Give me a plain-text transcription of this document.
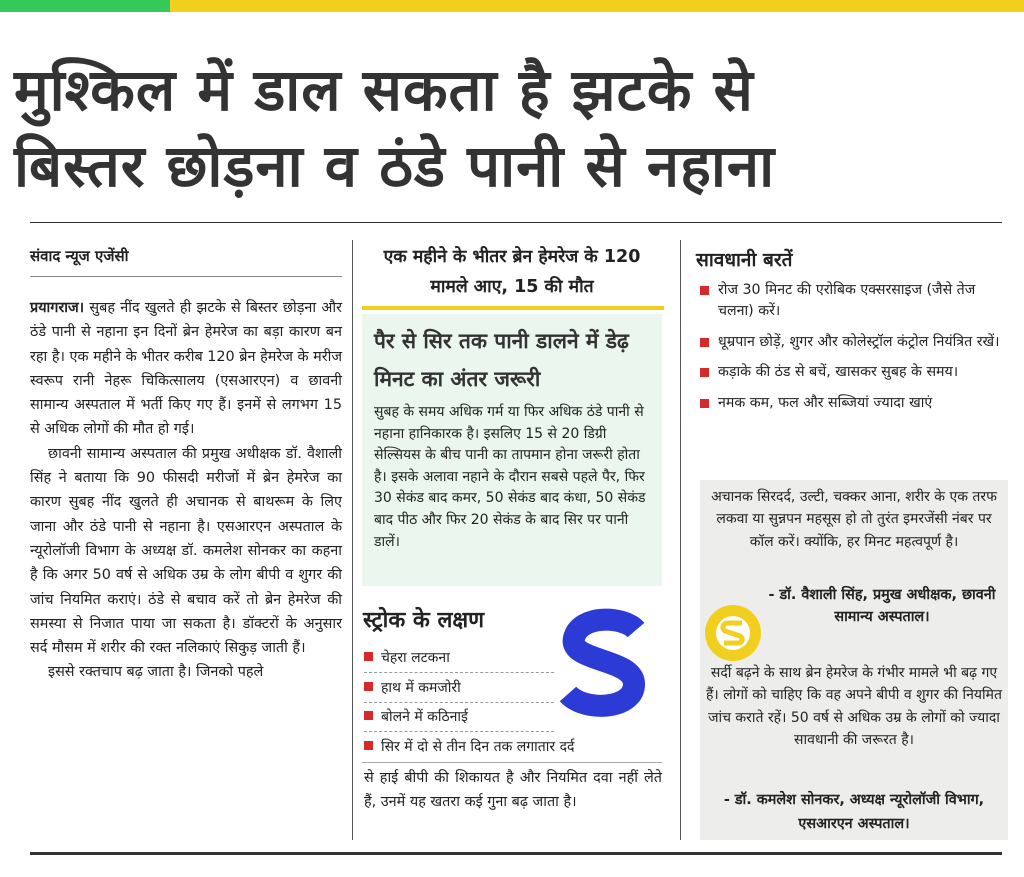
मुश्किल में डाल सकता है झटके से
बिस्तर छोड़ना व ठंडे पानी से नहाना
संवाद न्यूज एजेंसी

प्रयागराज। सुबह नींद खुलते ही झटके से बिस्तर छोड़ना और ठंडे पानी से नहाना इन दिनों ब्रेन हेमरेज का बड़ा कारण बन रहा है। एक महीने के भीतर करीब 120 ब्रेन हेमरेज के मरीज स्वरूप रानी नेहरू चिकित्सालय (एसआरएन) व छावनी सामान्य अस्पताल में भर्ती किए गए हैं। इनमें से लगभग 15 से अधिक लोगों की मौत हो गई।

छावनी सामान्य अस्पताल की प्रमुख अधीक्षक डॉ. वैशाली सिंह ने बताया कि 90 फीसदी मरीजों में ब्रेन हेमरेज का कारण सुबह नींद खुलते ही अचानक से बाथरूम के लिए जाना और ठंडे पानी से नहाना है। एसआरएन अस्पताल के न्यूरोलॉजी विभाग के अध्यक्ष डॉ. कमलेश सोनकर का कहना है कि अगर 50 वर्ष से अधिक उम्र के लोग बीपी व शुगर की जांच नियमित कराएं। ठंडे से बचाव करें तो ब्रेन हेमरेज की समस्या से निजात पाया जा सकता है। डॉक्टरों के अनुसार सर्द मौसम में शरीर की रक्त नलिकाएं सिकुड़ जाती हैं।

इससे रक्तचाप बढ़ जाता है। जिनको पहले

एक महीने के भीतर ब्रेन हेमरेज के 120 मामले आए, 15 की मौत
पैर से सिर तक पानी डालने में डेढ़ मिनट का अंतर जरूरी
सुबह के समय अधिक गर्म या फिर अधिक ठंडे पानी से नहाना हानिकारक है। इसलिए 15 से 20 डिग्री सेल्सियस के बीच पानी का तापमान होना जरूरी होता है। इसके अलावा नहाने के दौरान सबसे पहले पैर, फिर 30 सेकंड बाद कमर, 50 सेकंड बाद कंधा, 50 सेकंड बाद पीठ और फिर 20 सेकंड के बाद सिर पर पानी डालें।
स्ट्रोक के लक्षण
चेहरा लटकना
हाथ में कमजोरी
बोलने में कठिनाई
सिर में दो से तीन दिन तक लगातार दर्द
से हाई बीपी की शिकायत है और नियमित दवा नहीं लेते हैं, उनमें यह खतरा कई गुना बढ़ जाता है।
सावधानी बरतें
रोज 30 मिनट की एरोबिक एक्सरसाइज (जैसे तेज चलना) करें।
धूम्रपान छोड़ें, शुगर और कोलेस्ट्रॉल कंट्रोल नियंत्रित रखें।
कड़ाके की ठंड से बचें, खासकर सुबह के समय।
नमक कम, फल और सब्जियां ज्यादा खाएं
अचानक सिरदर्द, उल्टी, चक्कर आना, शरीर के एक तरफ लकवा या सुन्नपन महसूस हो तो तुरंत इमरजेंसी नंबर पर कॉल करें। क्योंकि, हर मिनट महत्वपूर्ण है।
- डॉ. वैशाली सिंह, प्रमुख अधीक्षक, छावनी सामान्य अस्पताल।
सर्दी बढ़ने के साथ ब्रेन हेमरेज के गंभीर मामले भी बढ़ गए हैं। लोगों को चाहिए कि वह अपने बीपी व शुगर की नियमित जांच कराते रहें। 50 वर्ष से अधिक उम्र के लोगों को ज्यादा सावधानी की जरूरत है।
- डॉ. कमलेश सोनकर, अध्यक्ष न्यूरोलॉजी विभाग, एसआरएन अस्पताल।
